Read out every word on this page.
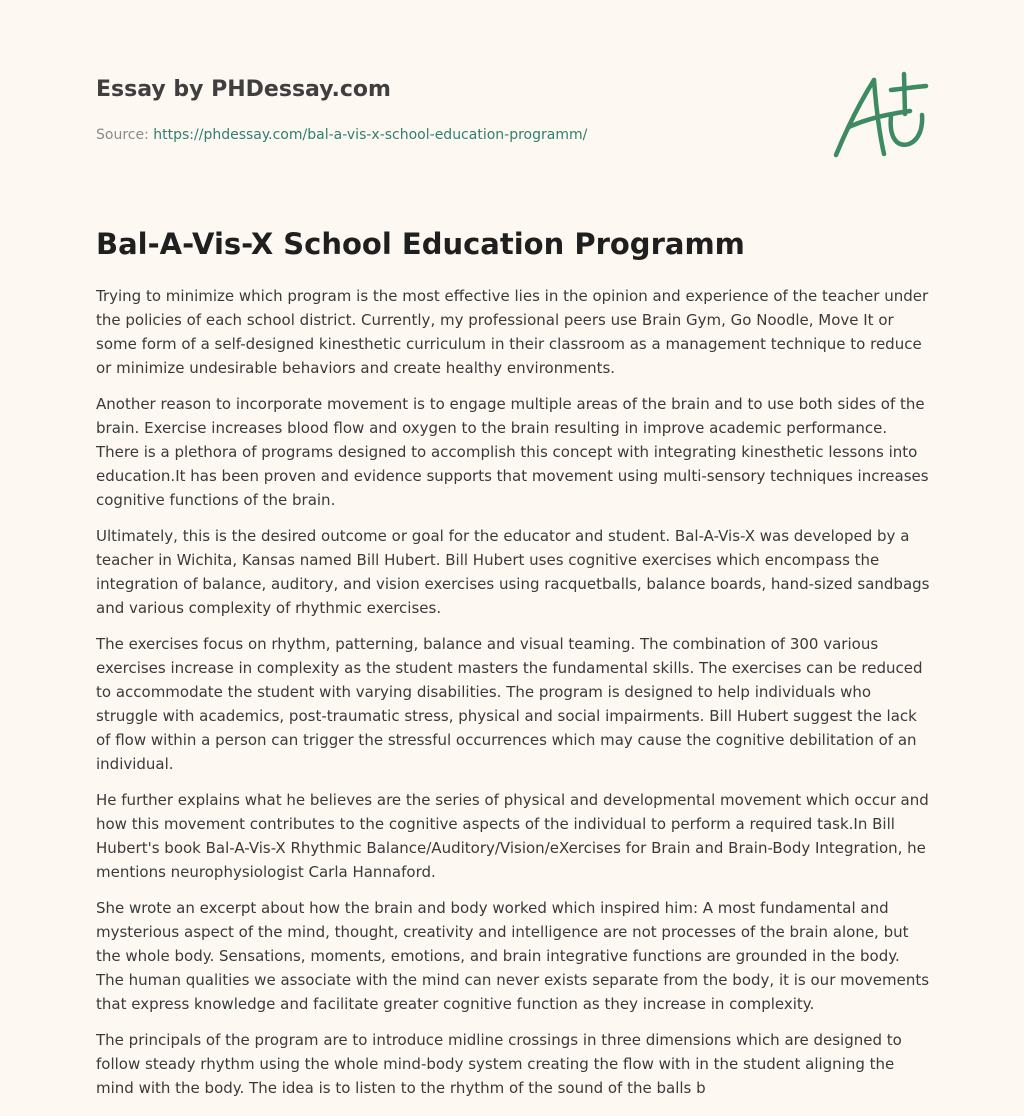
Essay by PHDessay.com
Source: https://phdessay.com/bal-a-vis-x-school-education-programm/
Bal-A-Vis-X School Education Programm

Trying to minimize which program is the most effective lies in the opinion and experience of the teacher under the policies of each school district. Currently, my professional peers use Brain Gym, Go Noodle, Move It or some form of a self-designed kinesthetic curriculum in their classroom as a management technique to reduce or minimize undesirable behaviors and create healthy environments.

Another reason to incorporate movement is to engage multiple areas of the brain and to use both sides of the brain. Exercise increases blood flow and oxygen to the brain resulting in improve academic performance. There is a plethora of programs designed to accomplish this concept with integrating kinesthetic lessons into education.It has been proven and evidence supports that movement using multi-sensory techniques increases cognitive functions of the brain.

Ultimately, this is the desired outcome or goal for the educator and student. Bal-A-Vis-X was developed by a teacher in Wichita, Kansas named Bill Hubert. Bill Hubert uses cognitive exercises which encompass the integration of balance, auditory, and vision exercises using racquetballs, balance boards, hand-sized sandbags and various complexity of rhythmic exercises.

The exercises focus on rhythm, patterning, balance and visual teaming. The combination of 300 various exercises increase in complexity as the student masters the fundamental skills. The exercises can be reduced to accommodate the student with varying disabilities. The program is designed to help individuals who struggle with academics, post-traumatic stress, physical and social impairments. Bill Hubert suggest the lack of flow within a person can trigger the stressful occurrences which may cause the cognitive debilitation of an individual.

He further explains what he believes are the series of physical and developmental movement which occur and how this movement contributes to the cognitive aspects of the individual to perform a required task.In Bill Hubert's book Bal-A-Vis-X Rhythmic Balance/Auditory/Vision/eXercises for Brain and Brain-Body Integration, he mentions neurophysiologist Carla Hannaford.

She wrote an excerpt about how the brain and body worked which inspired him: A most fundamental and mysterious aspect of the mind, thought, creativity and intelligence are not processes of the brain alone, but the whole body. Sensations, moments, emotions, and brain integrative functions are grounded in the body. The human qualities we associate with the mind can never exists separate from the body, it is our movements that express knowledge and facilitate greater cognitive function as they increase in complexity.

The principals of the program are to introduce midline crossings in three dimensions which are designed to follow steady rhythm using the whole mind-body system creating the flow with in the student aligning the mind with the body. The idea is to listen to the rhythm of the sound of the balls b
